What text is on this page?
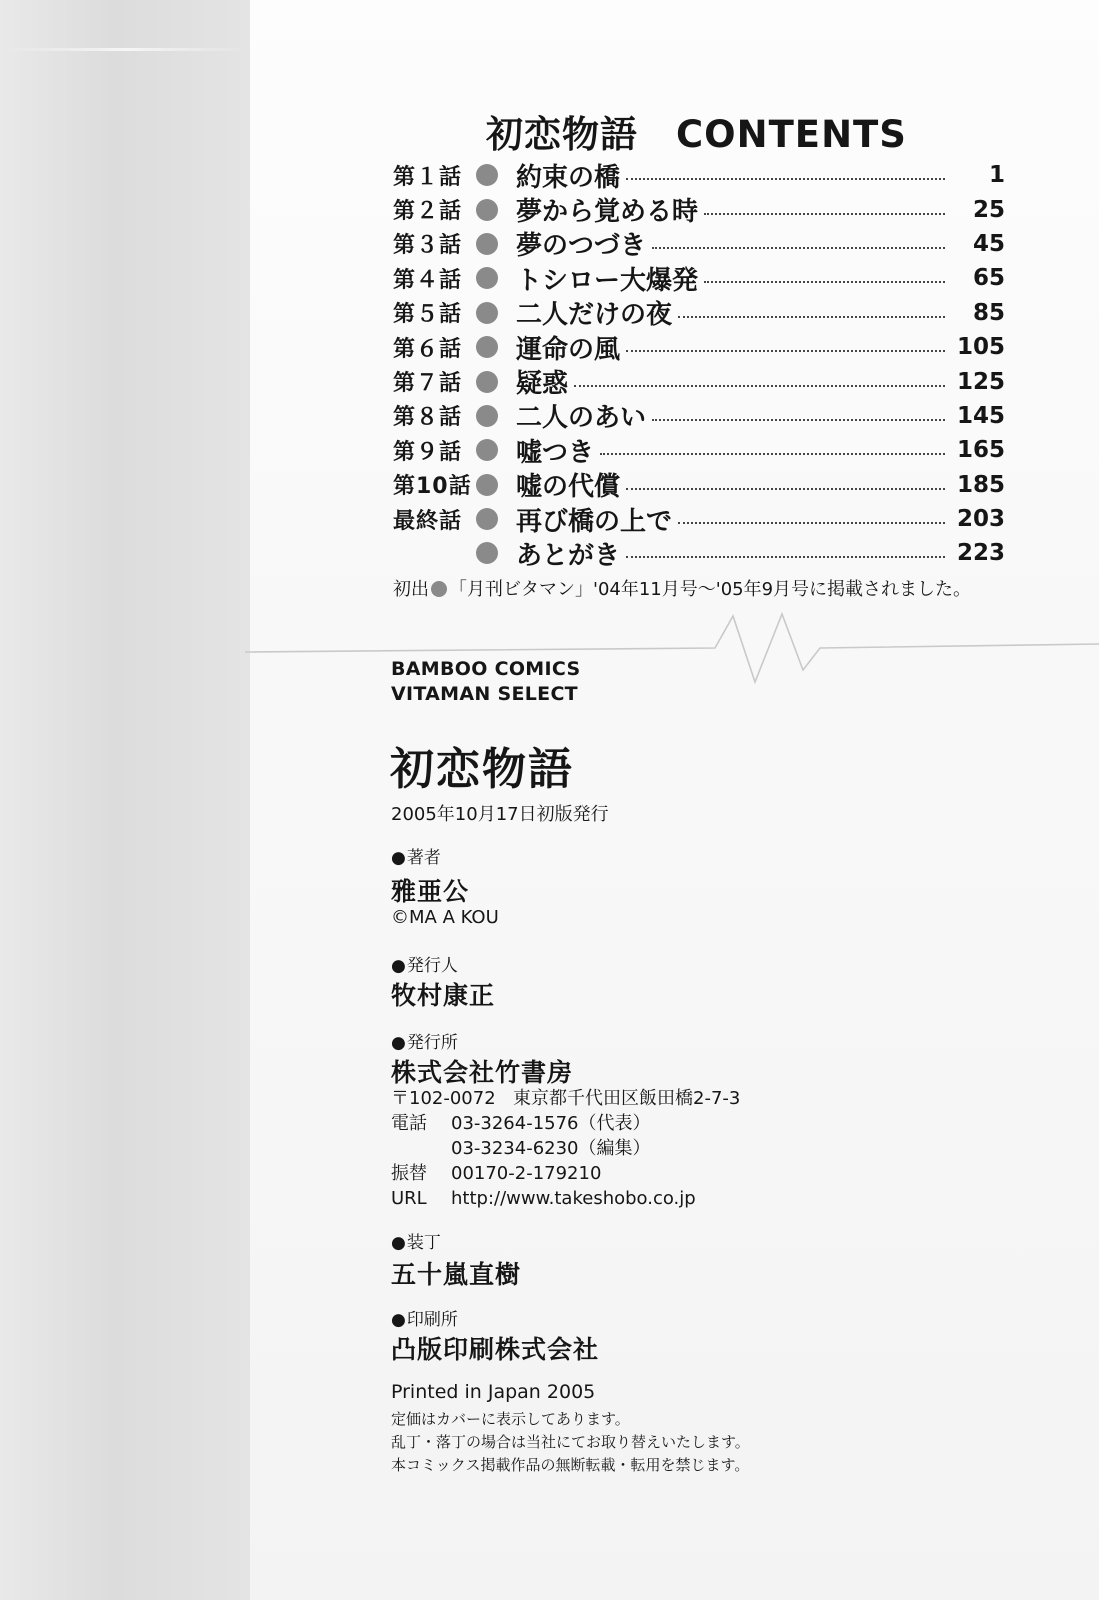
初恋物語 CONTENTS
第１話	約束の橋	1
第２話	夢から覚める時	25
第３話	夢のつづき	45
第４話	トシロー大爆発	65
第５話	二人だけの夜	85
第６話	運命の風	105
第７話	疑惑	125
第８話	二人のあい	145
第９話	嘘つき	165
第10話 嘘の代償	185
最終話	再び橋の上で	203
あとがき	223
初出 「月刊ビタマン」'04年11月号〜'05年9月号に掲載されました。
BAMBOO COMICS
VITAMAN SELECT
初恋物語
2005年10月17日初版発行
● 著者
雅亜公
©MA A KOU
● 発行人
牧村康正
● 発行所
株式会社竹書房
〒102-0072 東京都千代田区飯田橋2-7-3
電話	03-3264-1576（代表）
03-3234-6230（編集）
振替	00170-2-179210
URL	http://www.takeshobo.co.jp
● 装丁
五十嵐直樹
● 印刷所
凸版印刷株式会社
Printed in Japan 2005
定価はカバーに表示してあります。
乱丁・落丁の場合は当社にてお取り替えいたします。
本コミックス掲載作品の無断転載・転用を禁じます。
